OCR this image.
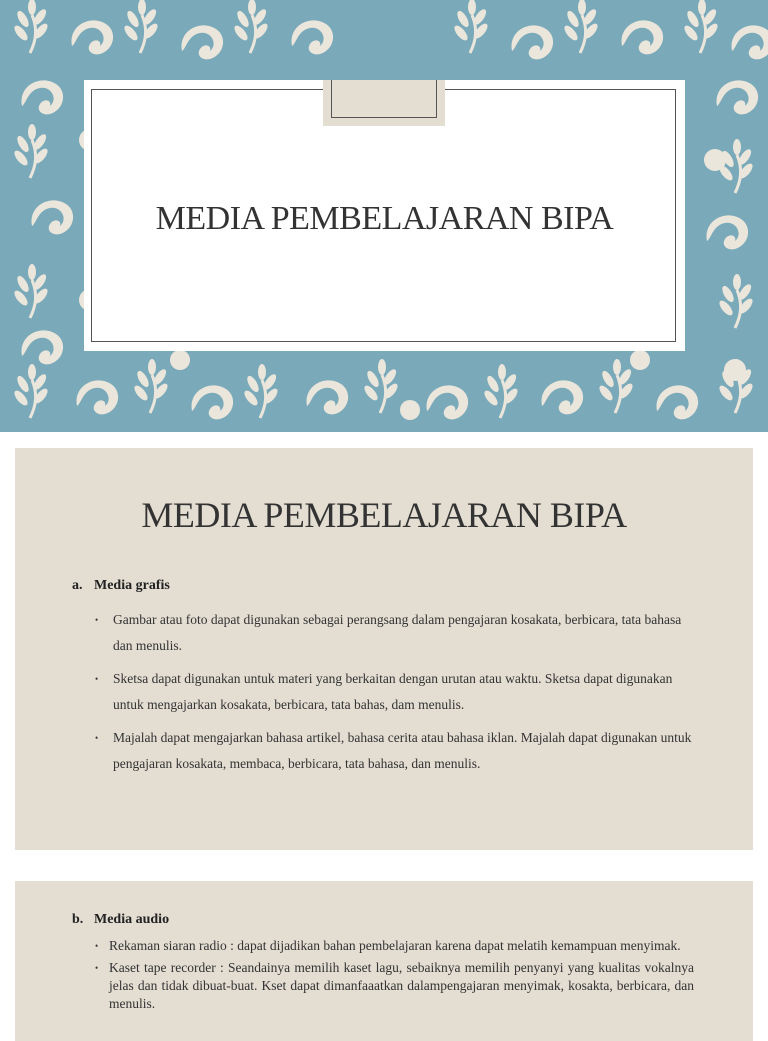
MEDIA PEMBELAJARAN BIPA
MEDIA PEMBELAJARAN BIPA
a. Media grafis
• Gambar atau foto dapat digunakan sebagai perangsang dalam pengajaran kosakata, berbicara, tata bahasa dan menulis.
• Sketsa dapat digunakan untuk materi yang berkaitan dengan urutan atau waktu. Sketsa dapat digunakan untuk mengajarkan kosakata, berbicara, tata bahas, dam menulis.
• Majalah dapat mengajarkan bahasa artikel, bahasa cerita atau bahasa iklan. Majalah dapat digunakan untuk pengajaran kosakata, membaca, berbicara, tata bahasa, dan menulis.
b. Media audio
• Rekaman siaran radio : dapat dijadikan bahan pembelajaran karena dapat melatih kemampuan menyimak.
• Kaset tape recorder : Seandainya memilih kaset lagu, sebaiknya memilih penyanyi yang kualitas vokalnya jelas dan tidak dibuat-buat. Kset dapat dimanfaaatkan dalampengajaran menyimak, kosakta, berbicara, dan menulis.
